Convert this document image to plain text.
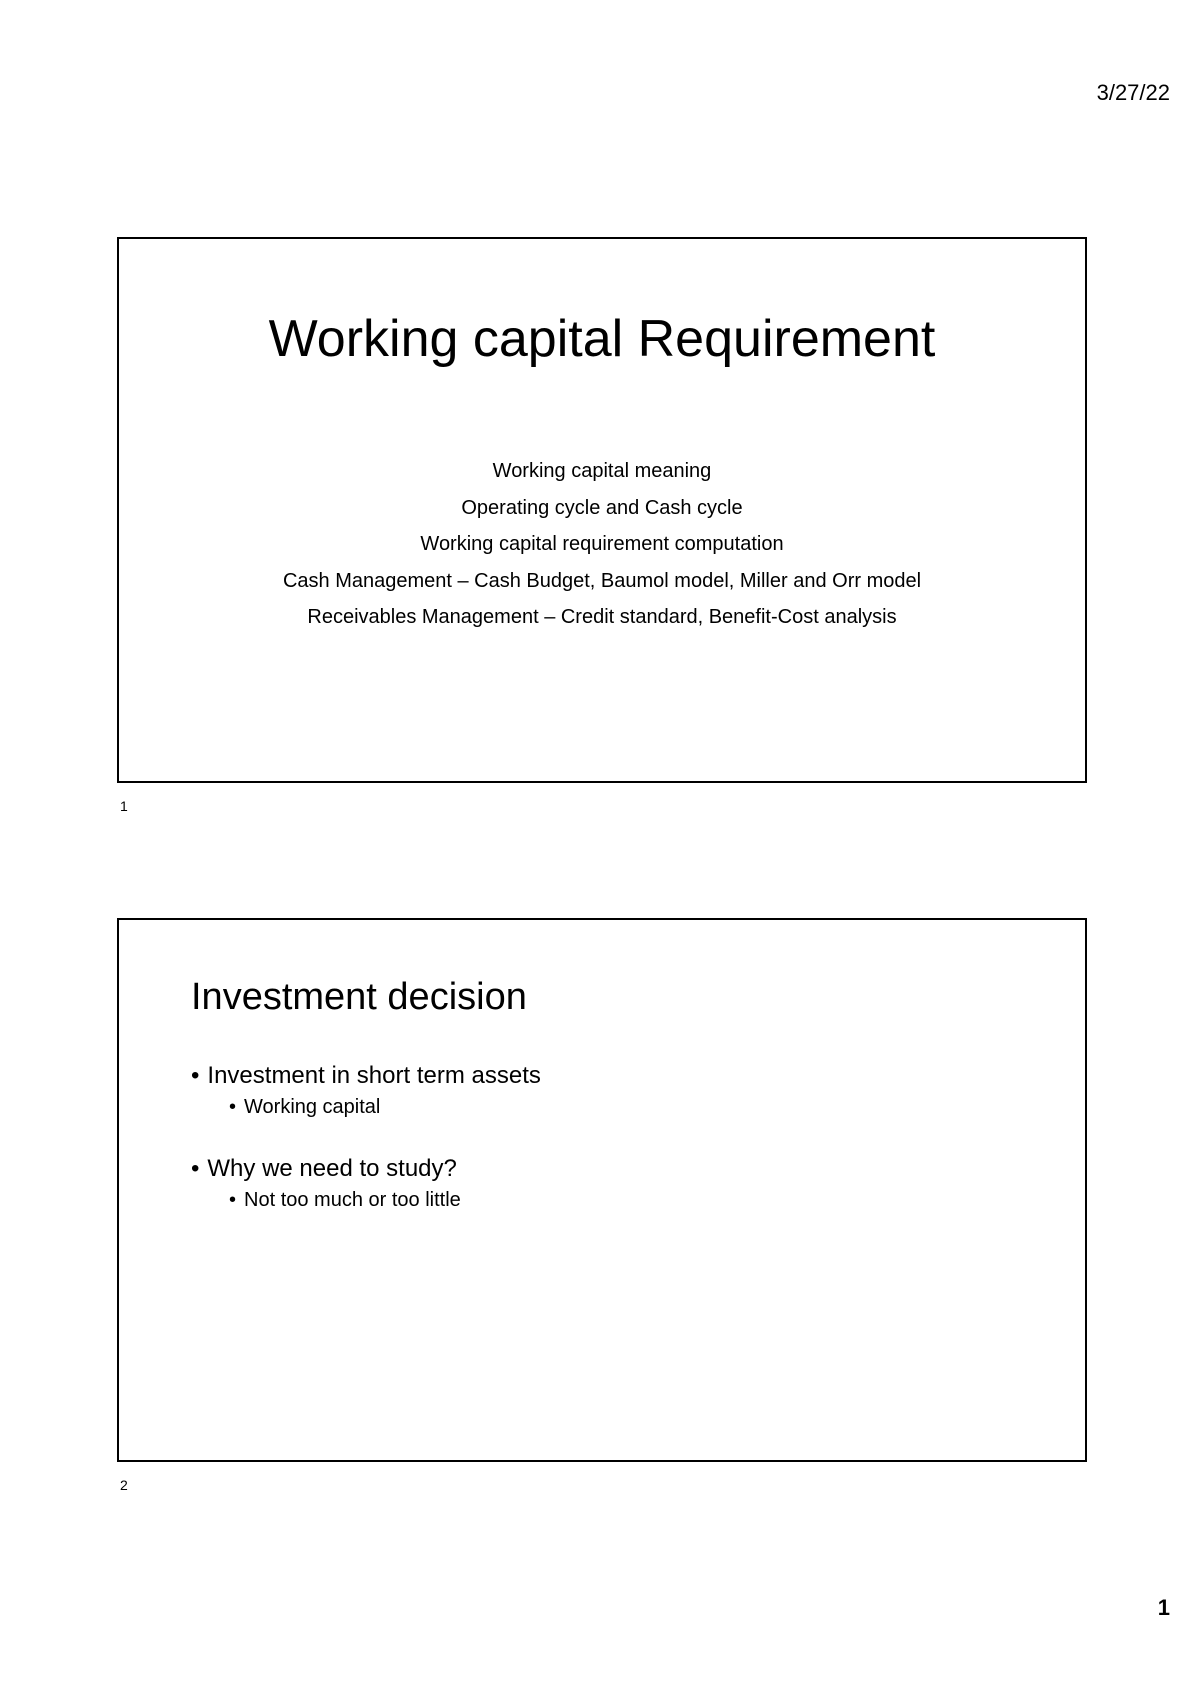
3/27/22
Working capital Requirement
Working capital meaning
Operating cycle and Cash cycle
Working capital requirement computation
Cash Management – Cash Budget, Baumol model, Miller and Orr model
Receivables Management – Credit standard, Benefit-Cost analysis
1
Investment decision
• Investment in short term assets
• Working capital
• Why we need to study?
• Not too much or too little
2
1
